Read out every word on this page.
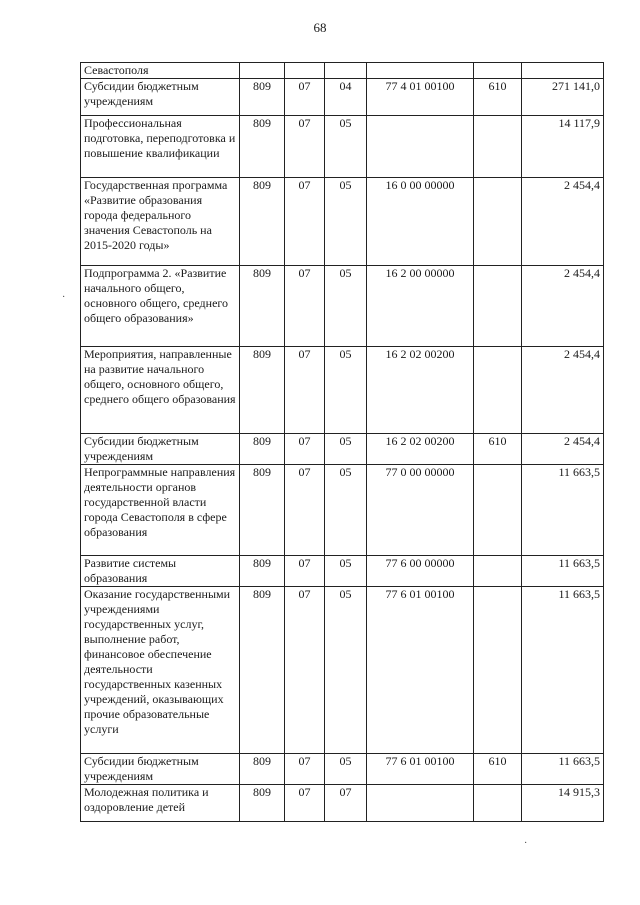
68
·
·
Севастополя						
Субсидии бюджетным учреждениям	809	07	04	77 4 01 00100	610	271 141,0
Профессиональная подготовка, переподготовка и повышение квалификации	809	07	05			14 117,9
Государственная программа «Развитие образования города федерального значения Севастополь на 2015-2020 годы»	809	07	05	16 0 00 00000		2 454,4
Подпрограмма 2. «Развитие начального общего, основного общего, среднего общего образования»	809	07	05	16 2 00 00000		2 454,4
Мероприятия, направленные на развитие начального общего, основного общего, среднего общего образования	809	07	05	16 2 02 00200		2 454,4
Субсидии бюджетным учреждениям	809	07	05	16 2 02 00200	610	2 454,4
Непрограммные направления деятельности органов государственной власти города Севастополя в сфере образования	809	07	05	77 0 00 00000		11 663,5
Развитие системы образования	809	07	05	77 6 00 00000		11 663,5
Оказание государственными учреждениями государственных услуг, выполнение работ, финансовое обеспечение деятельности государственных казенных учреждений, оказывающих прочие образовательные услуги	809	07	05	77 6 01 00100		11 663,5
Субсидии бюджетным учреждениям	809	07	05	77 6 01 00100	610	11 663,5
Молодежная политика и оздоровление детей	809	07	07			14 915,3
